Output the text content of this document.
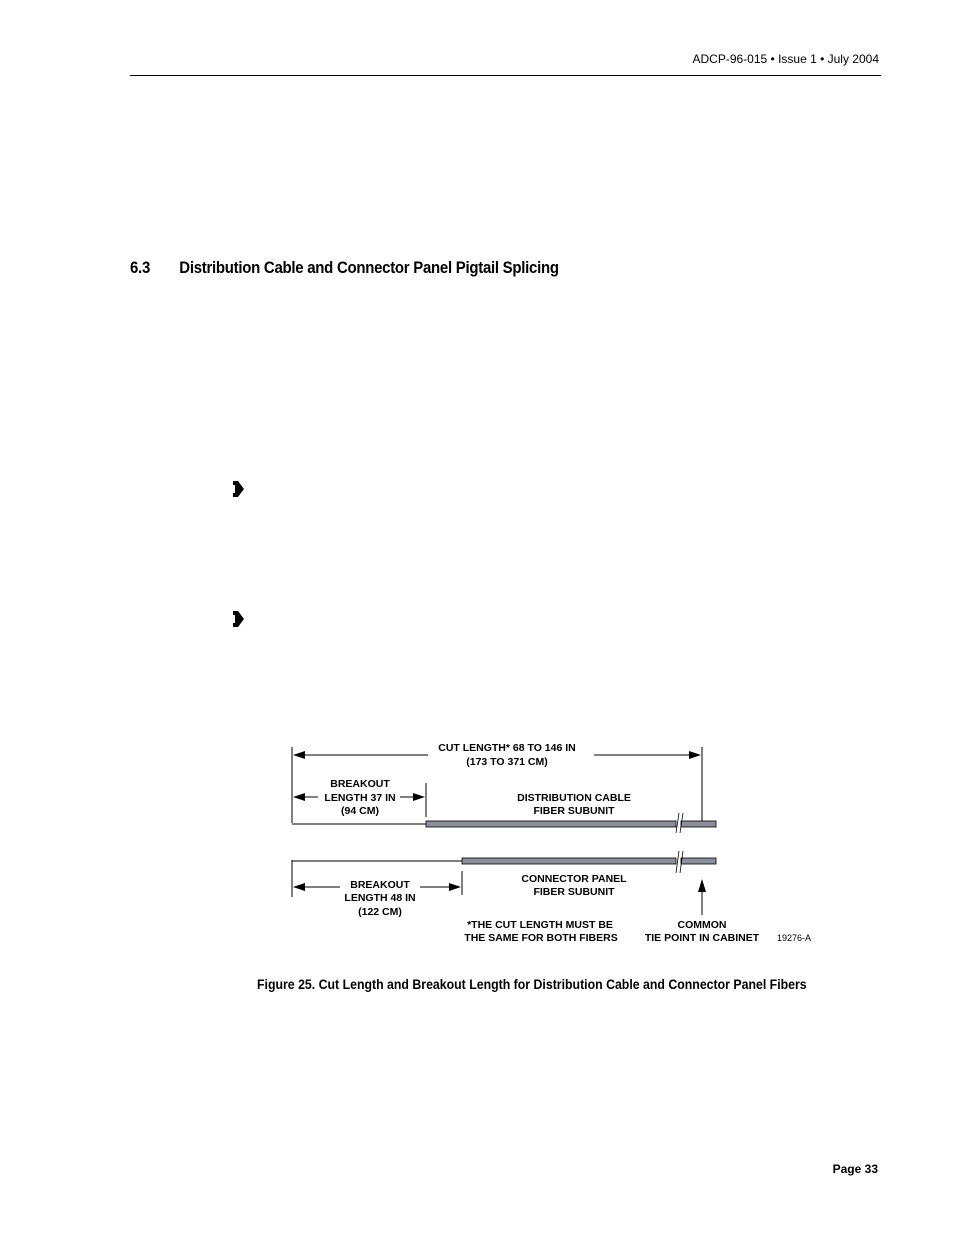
ADCP-96-015 • Issue 1 • July 2004
6.3 Distribution Cable and Connector Panel Pigtail Splicing
CUT LENGTH* 68 TO 146 IN
(173 TO 371 CM)
BREAKOUT
LENGTH 37 IN
(94 CM)
DISTRIBUTION CABLE
FIBER SUBUNIT
BREAKOUT
LENGTH 48 IN
(122 CM)
CONNECTOR PANEL
FIBER SUBUNIT
*THE CUT LENGTH MUST BE
THE SAME FOR BOTH FIBERS
COMMON
TIE POINT IN CABINET 19276-A
Figure 25. Cut Length and Breakout Length for Distribution Cable and Connector Panel Fibers
Page 33
